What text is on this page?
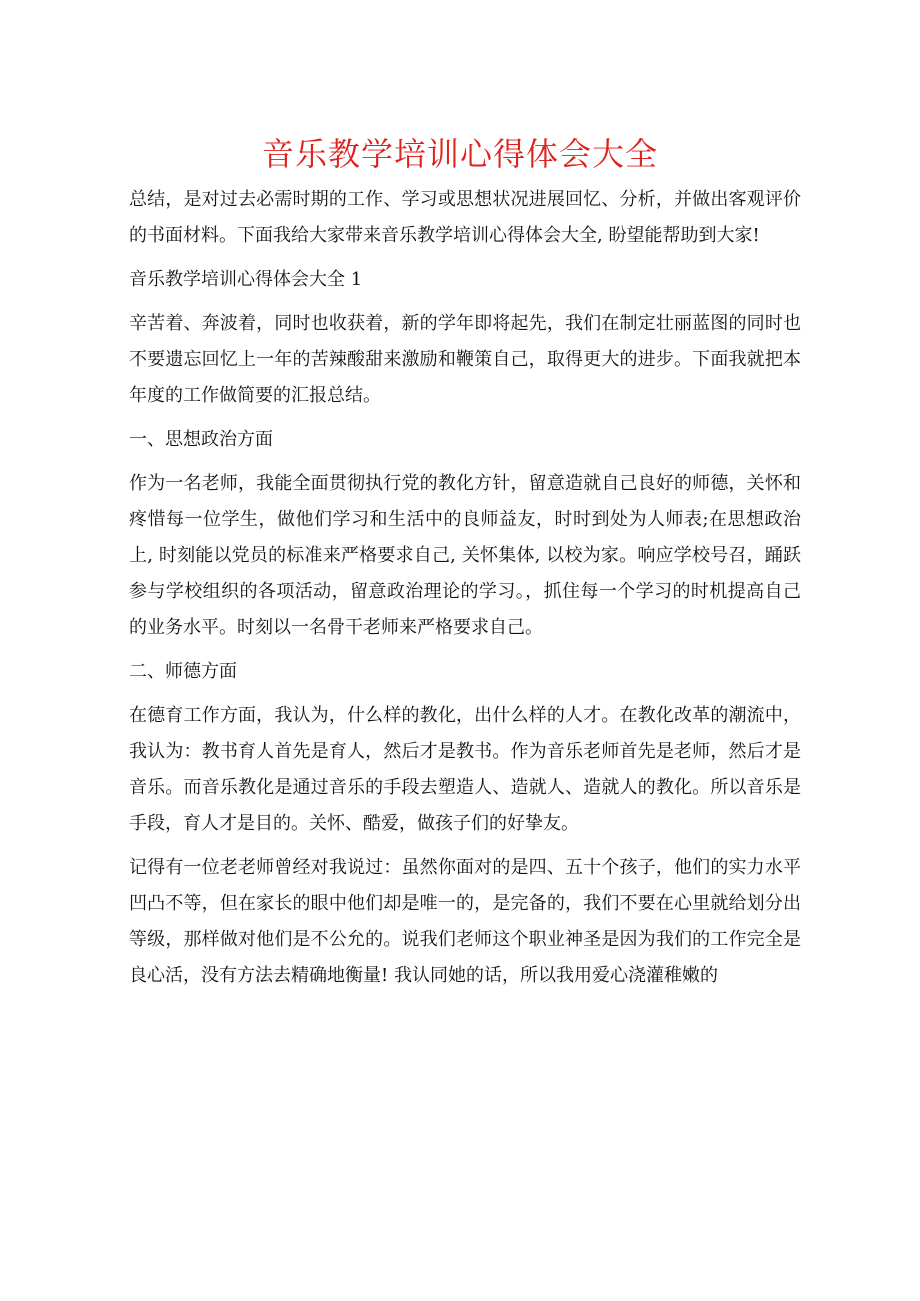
音乐教学培训心得体会大全

总结，是对过去必需时期的工作、学习或思想状况进展回忆、分析，并做出客观评价的书面材料。下面我给大家带来音乐教学培训心得体会大全, 盼望能帮助到大家!

音乐教学培训心得体会大全 1

辛苦着、奔波着，同时也收获着，新的学年即将起先，我们在制定壮丽蓝图的同时也不要遗忘回忆上一年的苦辣酸甜来激励和鞭策自己，取得更大的进步。下面我就把本年度的工作做简要的汇报总结。

一、思想政治方面

作为一名老师，我能全面贯彻执行党的教化方针，留意造就自己良好的师德，关怀和疼惜每一位学生，做他们学习和生活中的良师益友，时时到处为人师表;在思想政治上, 时刻能以党员的标准来严格要求自己, 关怀集体, 以校为家。响应学校号召，踊跃参与学校组织的各项活动，留意政治理论的学习。，抓住每一个学习的时机提高自己的业务水平。时刻以一名骨干老师来严格要求自己。

二、师德方面

在德育工作方面，我认为，什么样的教化，出什么样的人才。在教化改革的潮流中，我认为：教书育人首先是育人，然后才是教书。作为音乐老师首先是老师，然后才是音乐。而音乐教化是通过音乐的手段去塑造人、造就人、造就人的教化。所以音乐是手段，育人才是目的。关怀、酷爱，做孩子们的好挚友。

记得有一位老老师曾经对我说过：虽然你面对的是四、五十个孩子，他们的实力水平凹凸不等，但在家长的眼中他们却是唯一的，是完备的，我们不要在心里就给划分出等级，那样做对他们是不公允的。说我们老师这个职业神圣是因为我们的工作完全是良心活，没有方法去精确地衡量! 我认同她的话，所以我用爱心浇灌稚嫩的
